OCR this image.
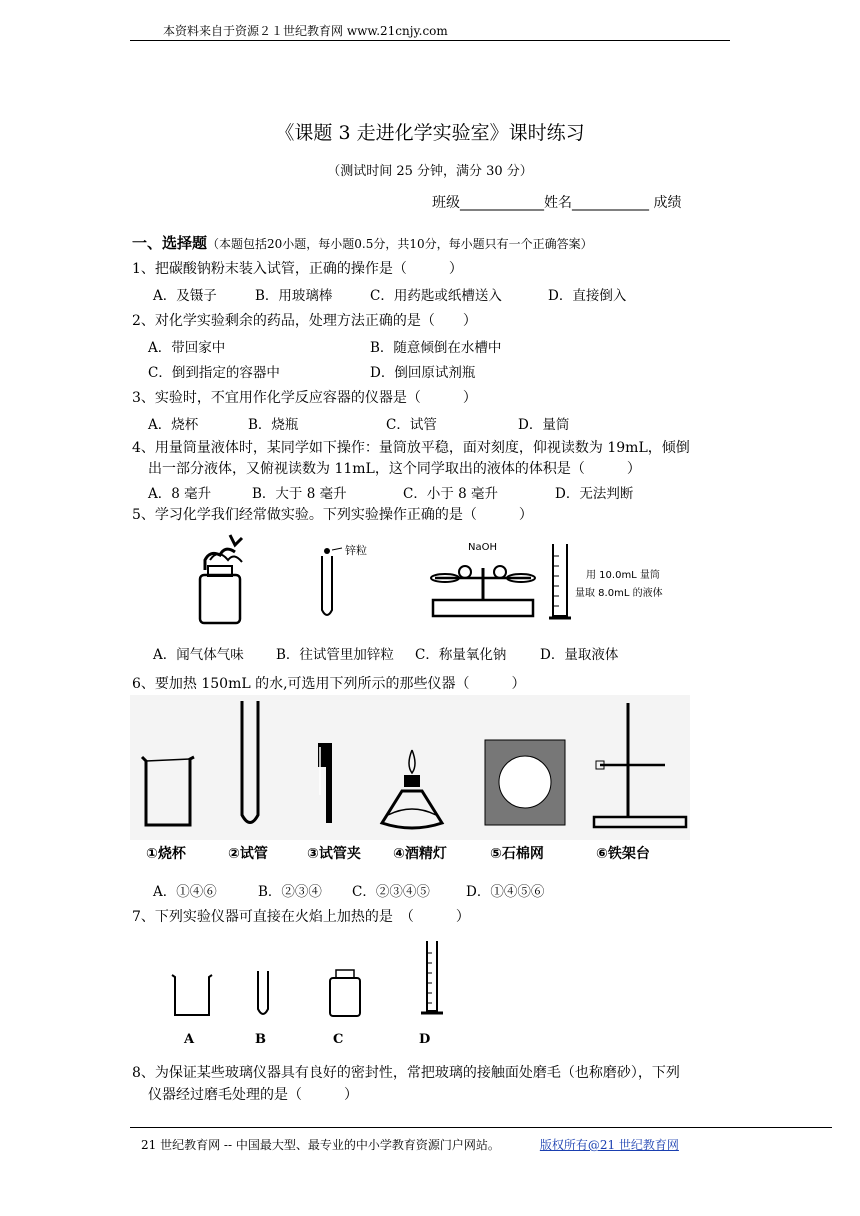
本资料来自于资源２１世纪教育网 www.21cnjy.com
《课题 3 走进化学实验室》课时练习
（测试时间 25 分钟，满分 30 分）
班级____________姓名___________ 成绩
一、选择题（本题包括20小题，每小题0.5分，共10分，每小题只有一个正确答案）
1、把碳酸钠粉末装入试管，正确的操作是（　　　）
A．及镊子	B．用玻璃棒	C．用药匙或纸槽送入	D．直接倒入
2、对化学实验剩余的药品，处理方法正确的是（　　）
A．带回家中	B．随意倾倒在水槽中
C．倒到指定的容器中	D．倒回原试剂瓶
3、实验时，不宜用作化学反应容器的仪器是（　　　）
A．烧杯	B．烧瓶	C．试管	D．量筒
4、用量筒量液体时，某同学如下操作：量筒放平稳，面对刻度，仰视读数为 19mL，倾倒
出一部分液体，又俯视读数为 11mL，这个同学取出的液体的体积是（　　　）
A．8 毫升	B．大于 8 毫升	C．小于 8 毫升	D．无法判断
5、学习化学我们经常做实验。下列实验操作正确的是（　　　）
锌粒	NaOH
用 10.0mL 量筒
量取 8.0mL 的液体
A．闻气体气味 B．往试管里加锌粒 C．称量氧化钠 D．量取液体
6、要加热 150mL 的水,可选用下列所示的那些仪器（　　　）
①烧杯	②试管	③试管夹 ④酒精灯	⑤石棉网	⑥铁架台
A．①④⑥	B．②③④ C．②③④⑤	D．①④⑤⑥
7、下列实验仪器可直接在火焰上加热的是　（　　　）
A	B	C	D
8、为保证某些玻璃仪器具有良好的密封性，常把玻璃的接触面处磨毛（也称磨砂），下列
仪器经过磨毛处理的是（　　　）
21 世纪教育网 -- 中国最大型、最专业的中小学教育资源门户网站。	版权所有@21 世纪教育网
